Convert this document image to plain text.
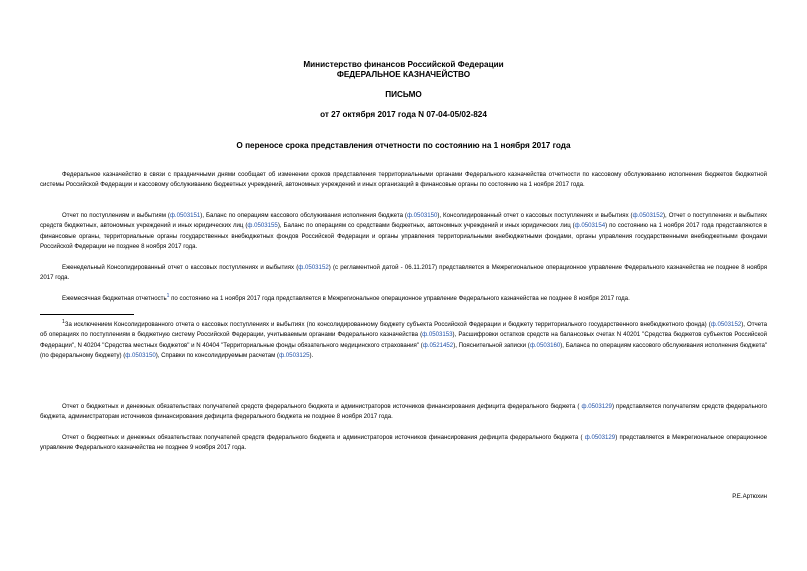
Министерство финансов Российской Федерации
ФЕДЕРАЛЬНОЕ КАЗНАЧЕЙСТВО
ПИСЬМО
от 27 октября 2017 года N 07-04-05/02-824
О переносе срока представления отчетности по состоянию на 1 ноября 2017 года
Федеральное казначейство в связи с праздничными днями сообщает об изменении сроков представления территориальными органами Федерального казначейства отчетности по кассовому обслуживанию исполнения бюджетов бюджетной системы Российской Федерации и кассовому обслуживанию бюджетных учреждений, автономных учреждений и иных организаций в финансовые органы по состоянию на 1 ноября 2017 года.
Отчет по поступлениям и выбытиям (ф.0503151), Баланс по операциям кассового обслуживания исполнения бюджета (ф.0503150), Консолидированный отчет о кассовых поступлениях и выбытиях (ф.0503152), Отчет о поступлениях и выбытиях средств бюджетных, автономных учреждений и иных юридических лиц (ф.0503155), Баланс по операциям со средствами бюджетных, автономных учреждений и иных юридических лиц (ф.0503154) по состоянию на 1 ноября 2017 года представляются в финансовые органы, территориальные органы государственных внебюджетных фондов Российской Федерации и органы управления территориальными внебюджетными фондами, органы управления государственными внебюджетными фондами Российской Федерации не позднее 8 ноября 2017 года.
Еженедельный Консолидированный отчет о кассовых поступлениях и выбытиях (ф.0503152) (с регламентной датой - 06.11.2017) представляется в Межрегиональное операционное управление Федерального казначейства не позднее 8 ноября 2017 года.
Ежемесячная бюджетная отчетность$^1$ по состоянию на 1 ноября 2017 года представляется в Межрегиональное операционное управление Федерального казначейства не позднее 8 ноября 2017 года.
$^1$За исключением Консолидированного отчета о кассовых поступлениях и выбытиях (по консолидированному бюджету субъекта Российской Федерации и бюджету территориального государственного внебюджетного фонда) (ф.0503152), Отчета об операциях по поступлениям в бюджетную систему Российской Федерации, учитываемым органами Федерального казначейства (ф.0503153), Расшифровки остатков средств на балансовых счетах N 40201 "Средства бюджетов субъектов Российской Федерации", N 40204 "Средства местных бюджетов" и N 40404 "Территориальные фонды обязательного медицинского страхования" (ф.0521452), Пояснительной записки (ф.0503160), Баланса по операциям кассового обслуживания исполнения бюджета" (по федеральному бюджету) (ф.0503150), Справки по консолидируемым расчетам (ф.0503125).
Отчет о бюджетных и денежных обязательствах получателей средств федерального бюджета и администраторов источников финансирования дефицита федерального бюджета ( ф.0503129) представляется получателям средств федерального бюджета, администраторам источников финансирования дефицита федерального бюджета не позднее 8 ноября 2017 года.
Отчет о бюджетных и денежных обязательствах получателей средств федерального бюджета и администраторов источников финансирования дефицита федерального бюджета ( ф.0503129) представляется в Межрегиональное операционное управление Федерального казначейства не позднее 9 ноября 2017 года.
Р.Е.Артюхин
